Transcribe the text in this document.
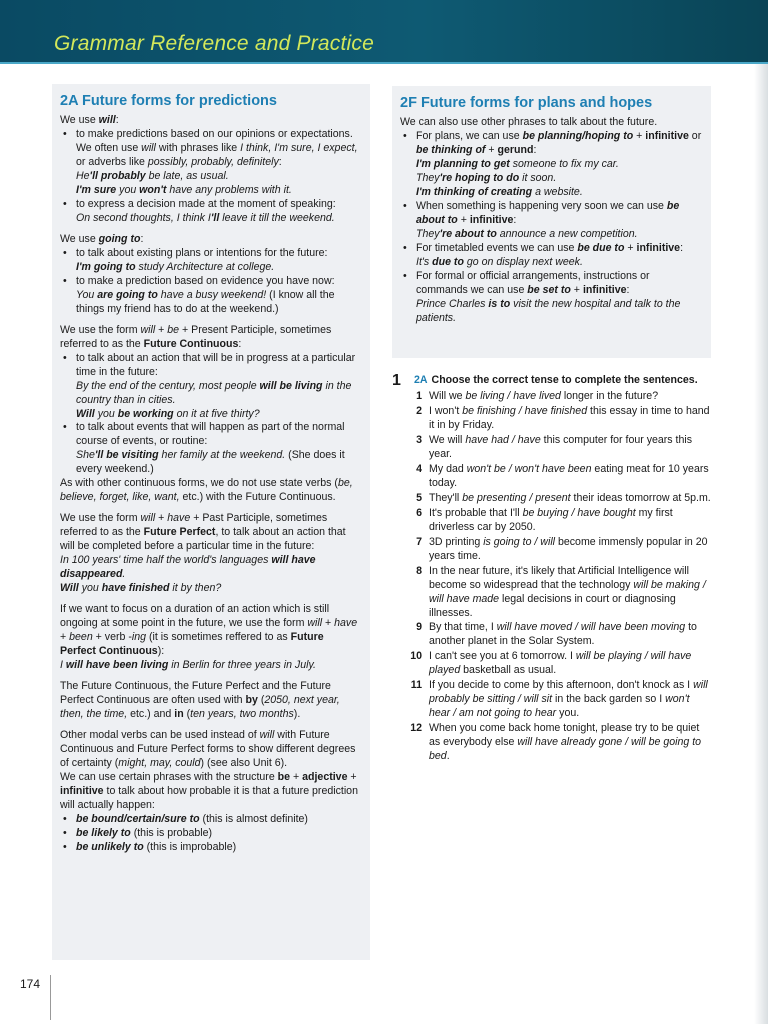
Grammar Reference and Practice
2A Future forms for predictions

We use will:

• to make predictions based on our opinions or expectations. We often use will with phrases like I think, I'm sure, I expect, or adverbs like possibly, probably, definitely:
He'll probably be late, as usual.
I'm sure you won't have any problems with it.
• to express a decision made at the moment of speaking:
On second thoughts, I think I'll leave it till the weekend.

We use going to:

• to talk about existing plans or intentions for the future:
I'm going to study Architecture at college.
• to make a prediction based on evidence you have now:
You are going to have a busy weekend! (I know all the things my friend has to do at the weekend.)

We use the form will + be + Present Participle, sometimes referred to as the Future Continuous:

• to talk about an action that will be in progress at a particular time in the future:
By the end of the century, most people will be living in the country than in cities.
Will you be working on it at five thirty?
• to talk about events that will happen as part of the normal course of events, or routine:
She'll be visiting her family at the weekend. (She does it every weekend.)

As with other continuous forms, we do not use state verbs (be, believe, forget, like, want, etc.) with the Future Continuous.

We use the form will + have + Past Participle, sometimes referred to as the Future Perfect, to talk about an action that will be completed before a particular time in the future:

In 100 years' time half the world's languages will have disappeared.
Will you have finished it by then?

If we want to focus on a duration of an action which is still ongoing at some point in the future, we use the form will + have + been + verb -ing (it is sometimes reffered to as Future Perfect Continuous):

I will have been living in Berlin for three years in July.

The Future Continuous, the Future Perfect and the Future Perfect Continuous are often used with by (2050, next year, then, the time, etc.) and in (ten years, two months).

Other modal verbs can be used instead of will with Future Continuous and Future Perfect forms to show different degrees of certainty (might, may, could) (see also Unit 6).

We can use certain phrases with the structure be + adjective + infinitive to talk about how probable it is that a future prediction will actually happen:

• be bound/certain/sure to (this is almost definite)
• be likely to (this is probable)
• be unlikely to (this is improbable)
2F Future forms for plans and hopes

We can also use other phrases to talk about the future.

• For plans, we can use be planning/hoping to + infinitive or be thinking of + gerund:
I'm planning to get someone to fix my car.
They're hoping to do it soon.
I'm thinking of creating a website.
• When something is happening very soon we can use be about to + infinitive:
They're about to announce a new competition.
• For timetabled events we can use be due to + infinitive:
It's due to go on display next week.
• For formal or official arrangements, instructions or commands we can use be set to + infinitive:
Prince Charles is to visit the new hospital and talk to the patients.
1 2A Choose the correct tense to complete the sentences.
1 Will we be living / have lived longer in the future?
2 I won't be finishing / have finished this essay in time to hand it in by Friday.
3 We will have had / have this computer for four years this year.
4 My dad won't be / won't have been eating meat for 10 years today.
5 They'll be presenting / present their ideas tomorrow at 5p.m.
6 It's probable that I'll be buying / have bought my first driverless car by 2050.
7 3D printing is going to / will become immensly popular in 20 years time.
8 In the near future, it's likely that Artificial Intelligence will become so widespread that the technology will be making / will have made legal decisions in court or diagnosing illnesses.
9 By that time, I will have moved / will have been moving to another planet in the Solar System.
10 I can't see you at 6 tomorrow. I will be playing / will have played basketball as usual.
11 If you decide to come by this afternoon, don't knock as I will probably be sitting / will sit in the back garden so I won't hear / am not going to hear you.
12 When you come back home tonight, please try to be quiet as everybody else will have already gone / will be going to bed.
174
